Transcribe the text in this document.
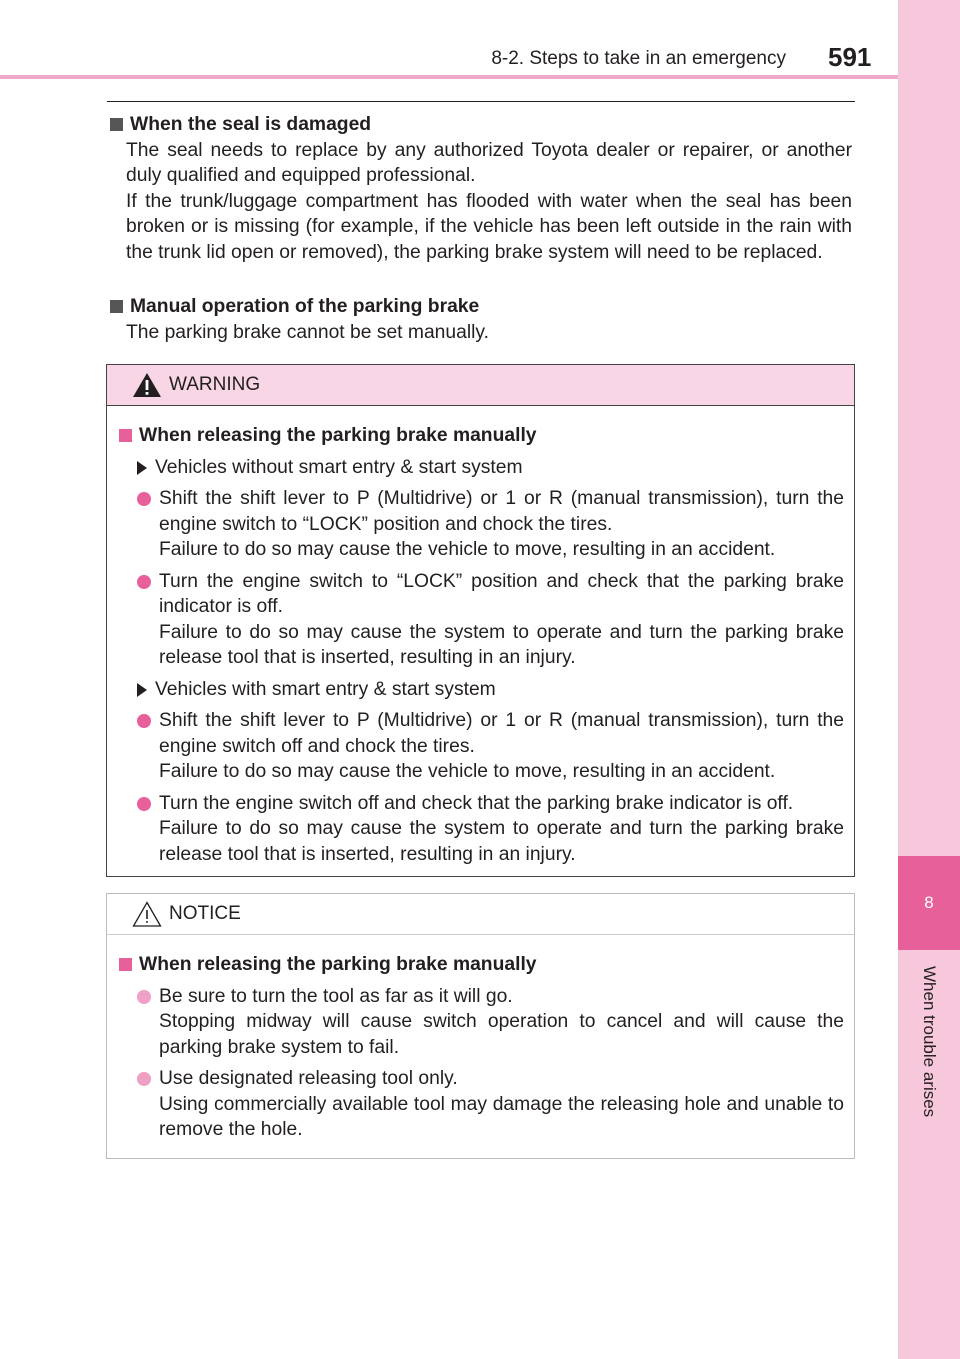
8-2. Steps to take in an emergency 591
8
When trouble arises
When the seal is damaged

The seal needs to replace by any authorized Toyota dealer or repairer, or another duly qualified and equipped professional.

If the trunk/luggage compartment has flooded with water when the seal has been broken or is missing (for example, if the vehicle has been left outside in the rain with the trunk lid open or removed), the parking brake system will need to be replaced.

Manual operation of the parking brake

The parking brake cannot be set manually.

WARNING
When releasing the parking brake manually
Vehicles without smart entry & start system

Shift the shift lever to P (Multidrive) or 1 or R (manual transmission), turn the engine switch to “LOCK” position and chock the tires.

Failure to do so may cause the vehicle to move, resulting in an accident.

Turn the engine switch to “LOCK” position and check that the parking brake indicator is off.

Failure to do so may cause the system to operate and turn the parking brake release tool that is inserted, resulting in an injury.

Vehicles with smart entry & start system

Shift the shift lever to P (Multidrive) or 1 or R (manual transmission), turn the engine switch off and chock the tires.

Failure to do so may cause the vehicle to move, resulting in an accident.

Turn the engine switch off and check that the parking brake indicator is off.

Failure to do so may cause the system to operate and turn the parking brake release tool that is inserted, resulting in an injury.

NOTICE
When releasing the parking brake manually

Be sure to turn the tool as far as it will go.

Stopping midway will cause switch operation to cancel and will cause the parking brake system to fail.

Use designated releasing tool only.

Using commercially available tool may damage the releasing hole and unable to remove the hole.
